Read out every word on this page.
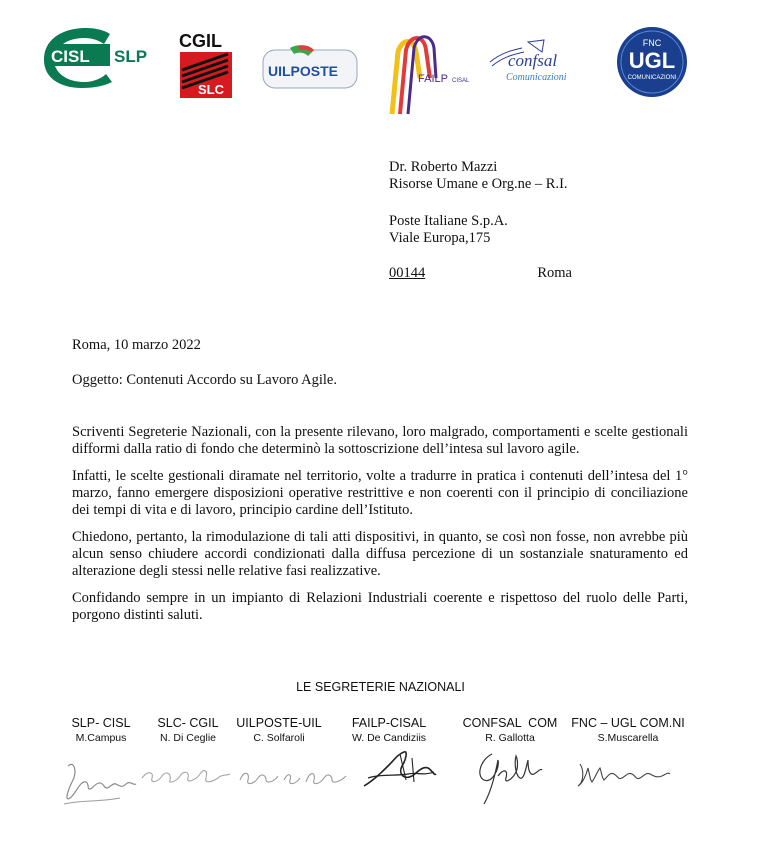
CISL SLP
CGIL
SLC
UILPOSTE	FAILP CISAL
confsal
Comunicazioni
FNC
UGL
COMUNICAZIONI
Dr. Roberto Mazzi
Risorse Umane e Org.ne – R.I.
Poste Italiane S.p.A.
Viale Europa,175
00144	Roma
Roma, 10 marzo 2022
Oggetto: Contenuti Accordo su Lavoro Agile.

Scriventi Segreterie Nazionali, con la presente rilevano, loro malgrado, comportamenti e scelte gestionali difformi dalla ratio di fondo che determinò la sottoscrizione dell’intesa sul lavoro agile.

Infatti, le scelte gestionali diramate nel territorio, volte a tradurre in pratica i contenuti dell’intesa del 1° marzo, fanno emergere disposizioni operative restrittive e non coerenti con il principio di conciliazione dei tempi di vita e di lavoro, principio cardine dell’Istituto.

Chiedono, pertanto, la rimodulazione di tali atti dispositivi, in quanto, se così non fosse, non avrebbe più alcun senso chiudere accordi condizionati dalla diffusa percezione di un sostanziale snaturamento ed alterazione degli stessi nelle relative fasi realizzative.

Confidando sempre in un impianto di Relazioni Industriali coerente e rispettoso del ruolo delle Parti, porgono distinti saluti.

LE SEGRETERIE NAZIONALI
SLP- CISL
M.Campus
SLC- CGIL
N. Di Ceglie
UILPOSTE-UIL
C. Solfaroli
FAILP-CISAL
W. De Candiziis
CONFSAL  COM
R. Gallotta
FNC – UGL COM.NI
S.Muscarella
